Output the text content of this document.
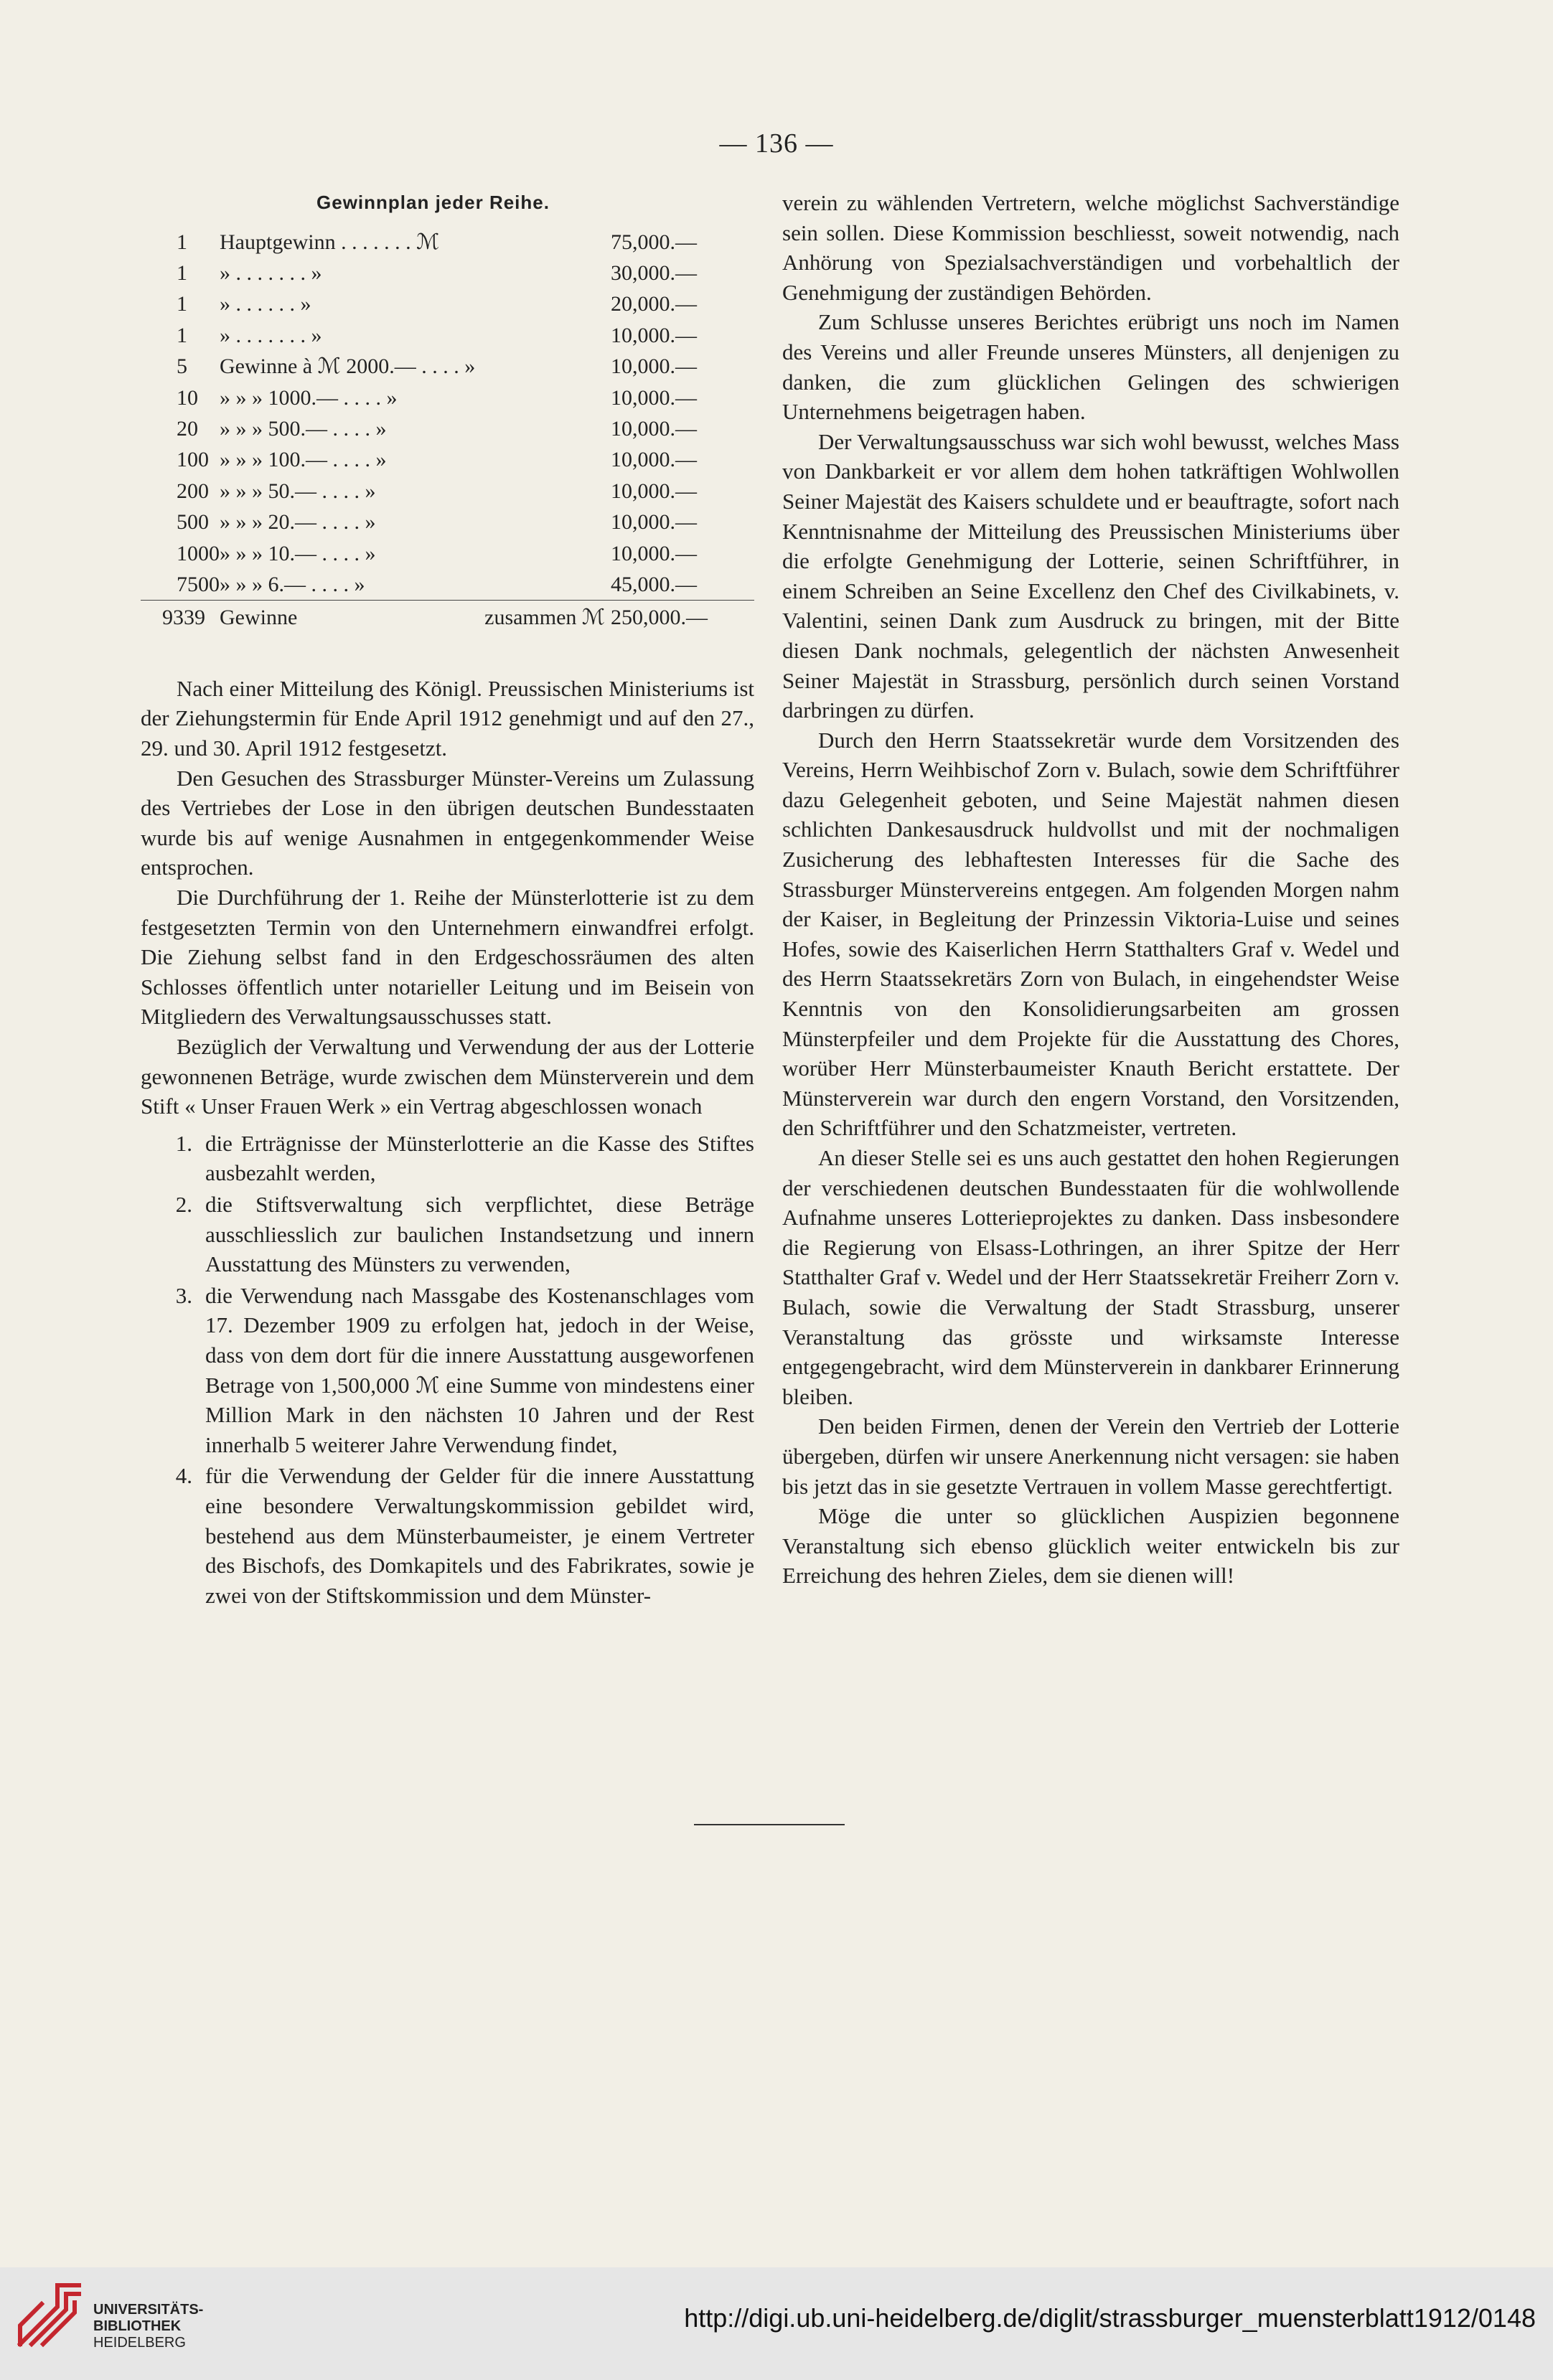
— 136 —
Gewinnplan jeder Reihe.
1	Hauptgewinn . . . . . . . ℳ	75,000.—
1	» . . . . . . . »	30,000.—
1	» . . . . . . »	20,000.—
1	» . . . . . . . »	10,000.—
5	Gewinne à ℳ 2000.— . . . . »	10,000.—
10	» » » 1000.— . . . . »	10,000.—
20	» » » 500.— . . . . »	10,000.—
100 » » » 100.— . . . . »	10,000.—
200 » » » 50.— . . . . »	10,000.—
500 » » » 20.— . . . . »	10,000.—
1000 » » » 10.— . . . . »	10,000.—
7500 » » » 6.— . . . . »	45,000.—
9339 Gewinne	zusammen ℳ 250,000.—

Nach einer Mitteilung des Königl. Preussischen Ministeriums ist der Ziehungstermin für Ende April 1912 genehmigt und auf den 27., 29. und 30. April 1912 festgesetzt.

Den Gesuchen des Strassburger Münster-Vereins um Zulassung des Vertriebes der Lose in den übrigen deutschen Bundesstaaten wurde bis auf wenige Ausnahmen in entgegenkommender Weise entsprochen.

Die Durchführung der 1. Reihe der Münsterlotterie ist zu dem festgesetzten Termin von den Unternehmern einwandfrei erfolgt. Die Ziehung selbst fand in den Erdgeschossräumen des alten Schlosses öffentlich unter notarieller Leitung und im Beisein von Mitgliedern des Verwaltungsausschusses statt.

Bezüglich der Verwaltung und Verwendung der aus der Lotterie gewonnenen Beträge, wurde zwischen dem Münsterverein und dem Stift « Unser Frauen Werk » ein Vertrag abgeschlossen wonach

1. die Erträgnisse der Münsterlotterie an die Kasse des Stiftes ausbezahlt werden,
2. die Stiftsverwaltung sich verpflichtet, diese Beträge ausschliesslich zur baulichen Instandsetzung und innern Ausstattung des Münsters zu verwenden,
3. die Verwendung nach Massgabe des Kostenanschlages vom 17. Dezember 1909 zu erfolgen hat, jedoch in der Weise, dass von dem dort für die innere Ausstattung ausgeworfenen Betrage von 1,500,000 ℳ eine Summe von mindestens einer Million Mark in den nächsten 10 Jahren und der Rest innerhalb 5 weiterer Jahre Verwendung findet,
4. für die Verwendung der Gelder für die innere Ausstattung eine besondere Verwaltungskommission gebildet wird, bestehend aus dem Münsterbaumeister, je einem Vertreter des Bischofs, des Domkapitels und des Fabrikrates, sowie je zwei von der Stiftskommission und dem Münster-

verein zu wählenden Vertretern, welche möglichst Sachverständige sein sollen. Diese Kommission beschliesst, soweit notwendig, nach Anhörung von Spezialsachverständigen und vorbehaltlich der Genehmigung der zuständigen Behörden.

Zum Schlusse unseres Berichtes erübrigt uns noch im Namen des Vereins und aller Freunde unseres Münsters, all denjenigen zu danken, die zum glücklichen Gelingen des schwierigen Unternehmens beigetragen haben.

Der Verwaltungsausschuss war sich wohl bewusst, welches Mass von Dankbarkeit er vor allem dem hohen tatkräftigen Wohlwollen Seiner Majestät des Kaisers schuldete und er beauftragte, sofort nach Kenntnisnahme der Mitteilung des Preussischen Ministeriums über die erfolgte Genehmigung der Lotterie, seinen Schriftführer, in einem Schreiben an Seine Excellenz den Chef des Civilkabinets, v. Valentini, seinen Dank zum Ausdruck zu bringen, mit der Bitte diesen Dank nochmals, gelegentlich der nächsten Anwesenheit Seiner Majestät in Strassburg, persönlich durch seinen Vorstand darbringen zu dürfen.

Durch den Herrn Staatssekretär wurde dem Vorsitzenden des Vereins, Herrn Weihbischof Zorn v. Bulach, sowie dem Schriftführer dazu Gelegenheit geboten, und Seine Majestät nahmen diesen schlichten Dankesausdruck huldvollst und mit der nochmaligen Zusicherung des lebhaftesten Interesses für die Sache des Strassburger Münstervereins entgegen. Am folgenden Morgen nahm der Kaiser, in Begleitung der Prinzessin Viktoria-Luise und seines Hofes, sowie des Kaiserlichen Herrn Statthalters Graf v. Wedel und des Herrn Staatssekretärs Zorn von Bulach, in eingehendster Weise Kenntnis von den Konsolidierungsarbeiten am grossen Münsterpfeiler und dem Projekte für die Ausstattung des Chores, worüber Herr Münsterbaumeister Knauth Bericht erstattete. Der Münsterverein war durch den engern Vorstand, den Vorsitzenden, den Schriftführer und den Schatzmeister, vertreten.

An dieser Stelle sei es uns auch gestattet den hohen Regierungen der verschiedenen deutschen Bundesstaaten für die wohlwollende Aufnahme unseres Lotterieprojektes zu danken. Dass insbesondere die Regierung von Elsass-Lothringen, an ihrer Spitze der Herr Statthalter Graf v. Wedel und der Herr Staatssekretär Freiherr Zorn v. Bulach, sowie die Verwaltung der Stadt Strassburg, unserer Veranstaltung das grösste und wirksamste Interesse entgegengebracht, wird dem Münsterverein in dankbarer Erinnerung bleiben.

Den beiden Firmen, denen der Verein den Vertrieb der Lotterie übergeben, dürfen wir unsere Anerkennung nicht versagen: sie haben bis jetzt das in sie gesetzte Vertrauen in vollem Masse gerechtfertigt.

Möge die unter so glücklichen Auspizien begonnene Veranstaltung sich ebenso glücklich weiter entwickeln bis zur Erreichung des hehren Zieles, dem sie dienen will!

UNIVERSITÄTS-
BIBLIOTHEK
HEIDELBERG
http://digi.ub.uni-heidelberg.de/diglit/strassburger_muensterblatt1912/0148
